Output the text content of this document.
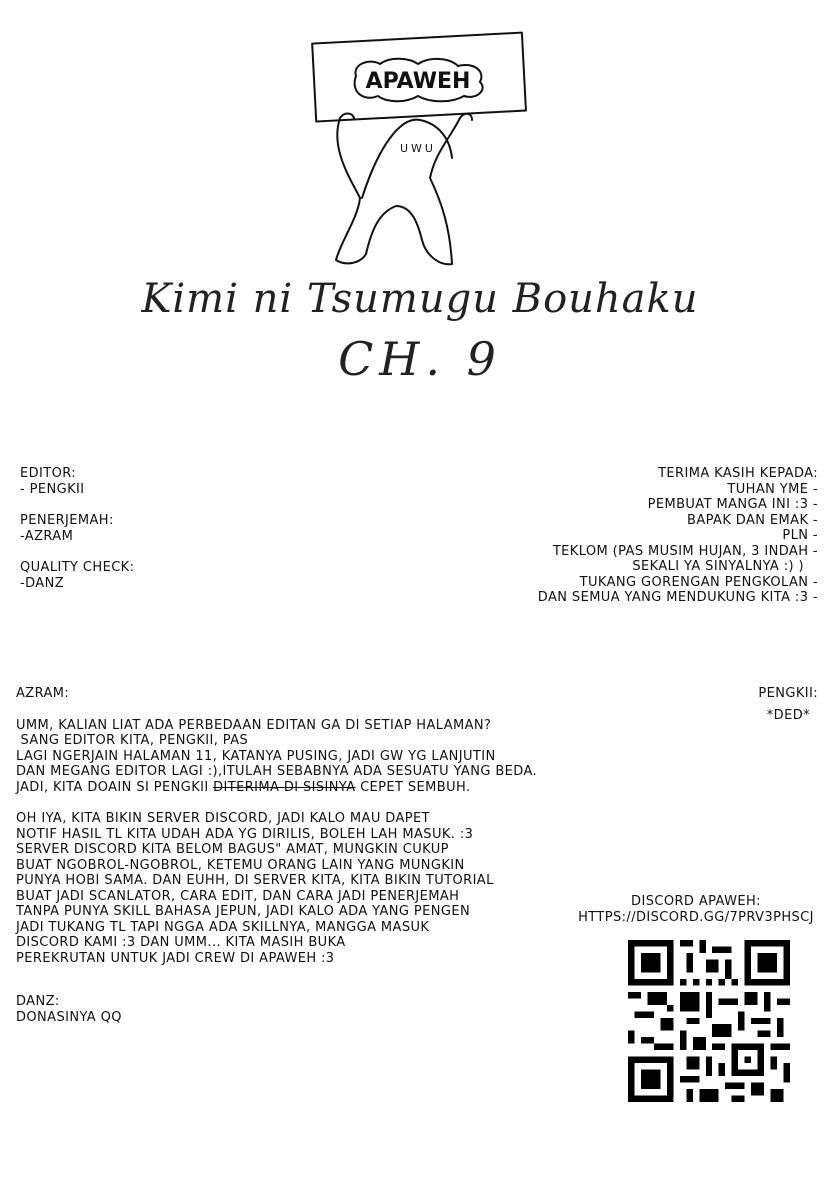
APAWEH
UWU
Kimi ni Tsumugu Bouhaku
CH. 9
EDITOR:
- PENGKII
PENERJEMAH:
-AZRAM
QUALITY CHECK:
-DANZ
TERIMA KASIH KEPADA:
TUHAN YME -
PEMBUAT MANGA INI :3 -
BAPAK DAN EMAK -
PLN -
TEKLOM (PAS MUSIM HUJAN, 3 INDAH -
SEKALI YA SINYALNYA :) )
TUKANG GORENGAN PENGKOLAN -
DAN SEMUA YANG MENDUKUNG KITA :3 -
AZRAM:
UMM, KALIAN LIAT ADA PERBEDAAN EDITAN GA DI SETIAP HALAMAN?
SANG EDITOR KITA, PENGKII, PAS
LAGI NGERJAIN HALAMAN 11, KATANYA PUSING, JADI GW YG LANJUTIN
DAN MEGANG EDITOR LAGI :),ITULAH SEBABNYA ADA SESUATU YANG BEDA.
JADI, KITA DOAIN SI PENGKII DITERIMA DI SISINYA CEPET SEMBUH.
OH IYA, KITA BIKIN SERVER DISCORD, JADI KALO MAU DAPET
NOTIF HASIL TL KITA UDAH ADA YG DIRILIS, BOLEH LAH MASUK. :3
SERVER DISCORD KITA BELOM BAGUS" AMAT, MUNGKIN CUKUP
BUAT NGOBROL-NGOBROL, KETEMU ORANG LAIN YANG MUNGKIN
PUNYA HOBI SAMA. DAN EUHH, DI SERVER KITA, KITA BIKIN TUTORIAL
BUAT JADI SCANLATOR, CARA EDIT, DAN CARA JADI PENERJEMAH
TANPA PUNYA SKILL BAHASA JEPUN, JADI KALO ADA YANG PENGEN
JADI TUKANG TL TAPI NGGA ADA SKILLNYA, MANGGA MASUK
DISCORD KAMI :3 DAN UMM... KITA MASIH BUKA
PEREKRUTAN UNTUK JADI CREW DI APAWEH :3
PENGKII:
*DED*
DANZ:
DONASINYA QQ
DISCORD APAWEH:
HTTPS://DISCORD.GG/7PRV3PHSCJ
